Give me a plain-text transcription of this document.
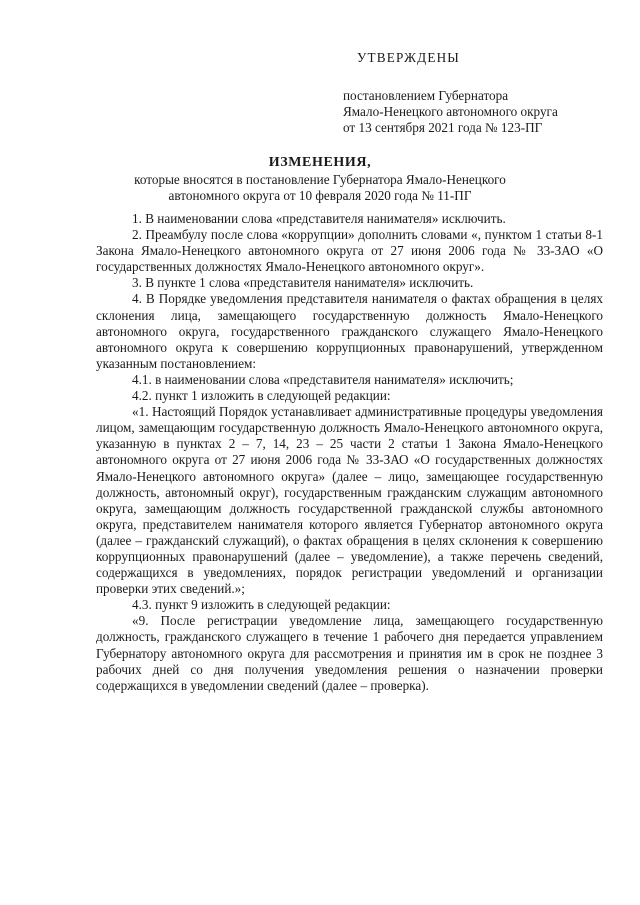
УТВЕРЖДЕНЫ
постановлением Губернатора
Ямало-Ненецкого автономного округа
от 13 сентября 2021 года № 123-ПГ
ИЗМЕНЕНИЯ,
которые вносятся в постановление Губернатора Ямало-Ненецкого
автономного округа от 10 февраля 2020 года № 11-ПГ
1. В наименовании слова «представителя нанимателя» исключить.
2. Преамбулу после слова «коррупции» дополнить словами «, пунктом 1 статьи 8-1 Закона Ямало-Ненецкого автономного округа от 27 июня 2006 года № 33-ЗАО «О государственных должностях Ямало-Ненецкого автономного округ».
3. В пункте 1 слова «представителя нанимателя» исключить.
4. В Порядке уведомления представителя нанимателя о фактах обращения в целях склонения лица, замещающего государственную должность Ямало-Ненецкого автономного округа, государственного гражданского служащего Ямало-Ненецкого автономного округа к совершению коррупционных правонарушений, утвержденном указанным постановлением:
4.1. в наименовании слова «представителя нанимателя» исключить;
4.2. пункт 1 изложить в следующей редакции:
«1. Настоящий Порядок устанавливает административные процедуры уведомления лицом, замещающим государственную должность Ямало-Ненецкого автономного округа, указанную в пунктах 2 – 7, 14, 23 – 25 части 2 статьи 1 Закона Ямало-Ненецкого автономного округа от 27 июня 2006 года № 33-ЗАО «О государственных должностях Ямало-Ненецкого автономного округа» (далее – лицо, замещающее государственную должность, автономный округ), государственным гражданским служащим автономного округа, замещающим должность государственной гражданской службы автономного округа, представителем нанимателя которого является Губернатор автономного округа (далее – гражданский служащий), о фактах обращения в целях склонения к совершению коррупционных правонарушений (далее – уведомление), а также перечень сведений, содержащихся в уведомлениях, порядок регистрации уведомлений и организации проверки этих сведений.»;
4.3. пункт 9 изложить в следующей редакции:
«9. После регистрации уведомление лица, замещающего государственную должность, гражданского служащего в течение 1 рабочего дня передается управлением Губернатору автономного округа для рассмотрения и принятия им в срок не позднее 3 рабочих дней со дня получения уведомления решения о назначении проверки содержащихся в уведомлении сведений (далее – проверка).
